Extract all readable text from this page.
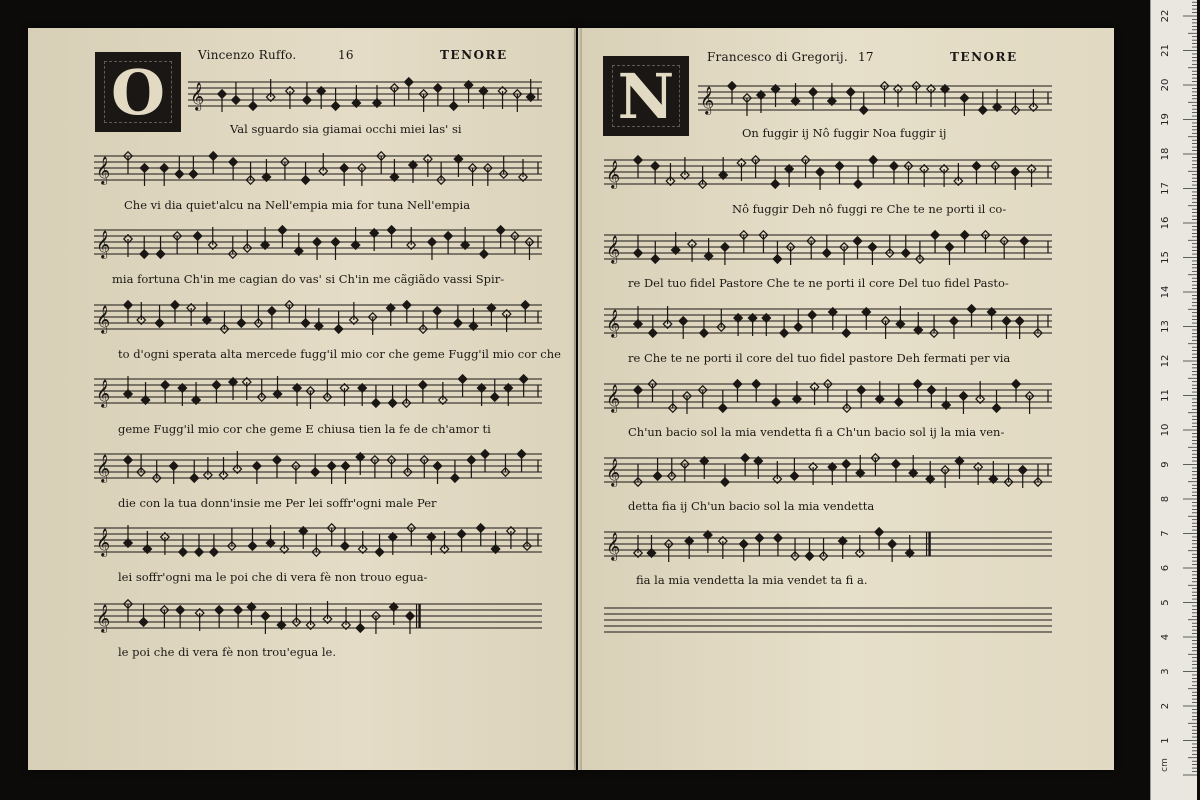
O
Vincenzo Ruffo.	16	TENORE
𝄞
Val sguardo sia giamai occhi miei las' si
𝄞
Che vi dia quiet'alcu na Nell'empia mia for tuna Nell'empia
𝄞
mia fortuna Ch'in me cagian do vas' si Ch'in me cãgiãdo vassi Spir-
𝄞
to d'ogni sperata alta mercede fugg'il mio cor che geme Fugg'il mio cor che
𝄞
geme Fugg'il mio cor che geme E chiusa tien la fe de ch'amor ti
𝄞
die con la tua donn'insie me Per lei soffr'ogni male Per
𝄞
lei soffr'ogni ma le poi che di vera fè non trouo egua-
𝄞
le poi che di vera fè non trou'egua le.
N
Francesco di Gregorij. 17	TENORE
𝄞
On fuggir ij Nô fuggir Noa fuggir ij
𝄞
Nô fuggir Deh nô fuggi re Che te ne porti il co-
𝄞
re Del tuo fidel Pastore Che te ne porti il core Del tuo fidel Pasto-
𝄞
re Che te ne porti il core del tuo fidel pastore Deh fermati per via
𝄞
Ch'un bacio sol la mia vendetta fi a Ch'un bacio sol ij la mia ven-
𝄞
detta fia ij Ch'un bacio sol la mia vendetta
𝄞
fia la mia vendetta la mia vendet ta fi a.
1
2
3
4
5
6
7
8
9
10
11
12
13
14
15
16
17
18
19
20
21
22
cm
